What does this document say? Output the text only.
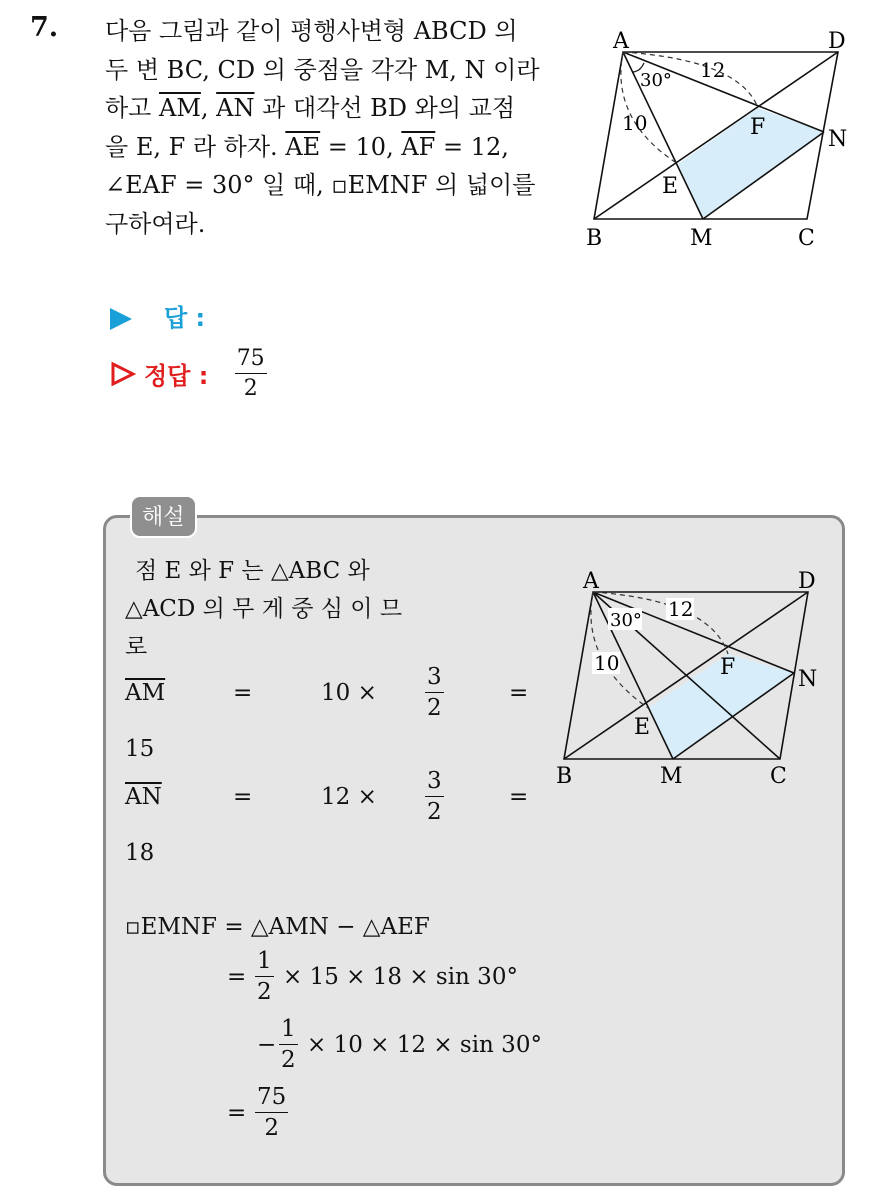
7. 다음 그림과 같이 평행사변형 ABCD 의
두 변 BC, CD 의 중점을 각각 M, N 이라
하고 $\overline{AM}$, $\overline{AN}$ 과 대각선 BD 와의 교점
을 E, F 라 하자. $\overline{AE} = 10$, $\overline{AF} = 12$,
∠EAF = 30° 일 때, ▫EMNF 의 넓이를
구하여라.
A	D
B	M	C
N
F
E
10
12
30°
답 :
정답 : $\frac{75}{2}$
해설
점 E 와 F 는 △ABC 와
△ACD 의 무 게 중 심 이 므
로
$\overline{AM}$	=	$10 \times \frac{3}{2}$	=
15
$\overline{AN}$	=	$12 \times \frac{3}{2}$	=
18
▫EMNF = △AMN − △AEF
= $\frac{1}{2} \times 15 \times 18 \times \sin 30^\circ$
− $\frac{1}{2} \times 10 \times 12 \times \sin 30^\circ$
= $\frac{75}{2}$
A	D
B	M	C
N
F
E
10
12
30°
